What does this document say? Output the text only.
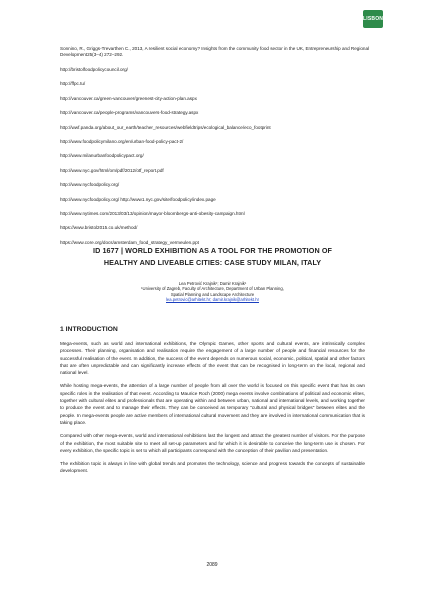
LISBON
Sonnino, R., Griggs-Trevarthen C., 2013, A resilient social economy? Insights from the community food sector in the UK, Entrepreneurship and Regional Development25(3–4) 272–292.
http://bristolfoodpolicycouncil.org/
http://ffpc.tu/
http://vancouver.ca/green-vancouver/greenest-city-action-plan.aspx
http://vancouver.ca/people-programs/vancouvers-food-strategy.aspx
http://wwf.panda.org/about_our_earth/teacher_resources/webfieldtrips/ecological_balance/eco_footprint
http://www.foodpolicymilano.org/en/urban-food-policy-pact-2/
http://www.milanurbanfoodpolicypact.org/
http://www.nyc.gov/html/om/pdf/2012/otf_report.pdf
http://www.nycfoodpolicy.org/
http://www.nycfoodpolicy.org/ http://www1.nyc.gov/site/foodpolicy/index.page
http://www.nytimes.com/2013/03/13/opinion/mayor-bloombergs-anti-obesity-campaign.html
https://www.bristol2015.co.uk/method/
https://www.core.org/docs/amsterdam_food_strategy_vermeulen.ppt
ID 1677 | WORLD EXHIBITION AS A TOOL FOR THE PROMOTION OF
HEALTHY AND LIVEABLE CITIES: CASE STUDY MILAN, ITALY
Lea Petrović Krajnik¹; Damir Krajnik¹
¹University of Zagreb, Faculty of Architecture, Department of Urban Planning,
Spatial Planning and Landscape Architecture
lea.petrovic@arhitekt.hr; damir.krajnik@arhitekt.hr
1 INTRODUCTION

Mega-events, such as world and international exhibitions, the Olympic Games, other sports and cultural events, are intrinsically complex processes. Their planning, organisation and realisation require the engagement of a large number of people and financial resources for the successful realisation of the event. In addition, the success of the event depends on numerous social, economic, political, spatial and other factors that are often unpredictable and can significantly increase effects of the event that can be recognised in long-term on the local, regional and national level.

While hosting mega-events, the attention of a large number of people from all over the world is focused on this specific event that has its own specific roles in the realisation of that event. According to Maurice Roch (2000) mega events involve combinations of political and economic elites, together with cultural elites and professionals that are operating within and between urban, national and international levels, and working together to produce the event and to manage their effects. They can be conceived as temporary "cultural and physical bridges" between elites and the people. In mega-events people are active members of international cultural movement and they are involved in international communication that is taking place.

Compared with other mega-events, world and international exhibitions last the longest and attract the greatest number of visitors. For the purpose of the exhibition, the most suitable site to meet all set-up parameters and for which it is desirable to conceive the long-term use is chosen. For every exhibition, the specific topic is set to which all participants correspond with the conception of their pavilion and presentation.

The exhibition topic is always in line with global trends and promotes the technology, science and progress towards the concepts of sustainable development.

2089
